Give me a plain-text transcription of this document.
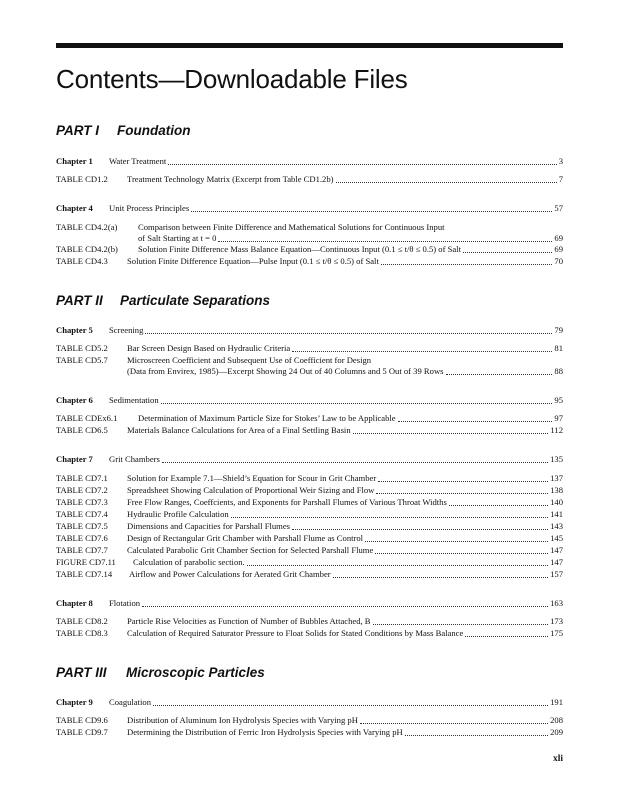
Contents—Downloadable Files
PART I Foundation
Chapter 1	Water Treatment	3
TABLE CD1.2	Treatment Technology Matrix (Excerpt from Table CD1.2b)	7
Chapter 4	Unit Process Principles	57
TABLE CD4.2(a) Comparison between Finite Difference and Mathematical Solutions for Continuous Input
of Salt Starting at t = 0	69
TABLE CD4.2(b)	Solution Finite Difference Mass Balance Equation—Continuous Input (0.1 ≤ t/θ ≤ 0.5) of Salt	69
TABLE CD4.3	Solution Finite Difference Equation—Pulse Input (0.1 ≤ t/θ ≤ 0.5) of Salt	70
PART II Particulate Separations
Chapter 5	Screening	79
TABLE CD5.2	Bar Screen Design Based on Hydraulic Criteria	81
TABLE CD5.7 Microscreen Coefficient and Subsequent Use of Coefficient for Design
(Data from Envirex, 1985)—Excerpt Showing 24 Out of 40 Columns and 5 Out of 39 Rows	88
Chapter 6	Sedimentation	95
TABLE CDEx6.1	Determination of Maximum Particle Size for Stokes’ Law to be Applicable	97
TABLE CD6.5	Materials Balance Calculations for Area of a Final Settling Basin	112
Chapter 7	Grit Chambers	135
TABLE CD7.1	Solution for Example 7.1—Shield’s Equation for Scour in Grit Chamber	137
TABLE CD7.2	Spreadsheet Showing Calculation of Proportional Weir Sizing and Flow	138
TABLE CD7.3	Free Flow Ranges, Coeffcients, and Exponents for Parshall Flumes of Various Throat Widths	140
TABLE CD7.4	Hydraulic Profile Calculation	141
TABLE CD7.5	Dimensions and Capacities for Parshall Flumes	143
TABLE CD7.6	Design of Rectangular Grit Chamber with Parshall Flume as Control	145
TABLE CD7.7	Calculated Parabolic Grit Chamber Section for Selected Parshall Flume	147
FIGURE CD7.11	Calculation of parabolic section.	147
TABLE CD7.14	Airflow and Power Calculations for Aerated Grit Chamber	157
Chapter 8	Flotation	163
TABLE CD8.2	Particle Rise Velocities as Function of Number of Bubbles Attached, B	173
TABLE CD8.3	Calculation of Required Saturator Pressure to Float Solids for Stated Conditions by Mass Balance	175
PART III Microscopic Particles
Chapter 9	Coagulation	191
TABLE CD9.6	Distribution of Aluminum Ion Hydrolysis Species with Varying pH	208
TABLE CD9.7	Determining the Distribution of Ferric Iron Hydrolysis Species with Varying pH	209
xli
